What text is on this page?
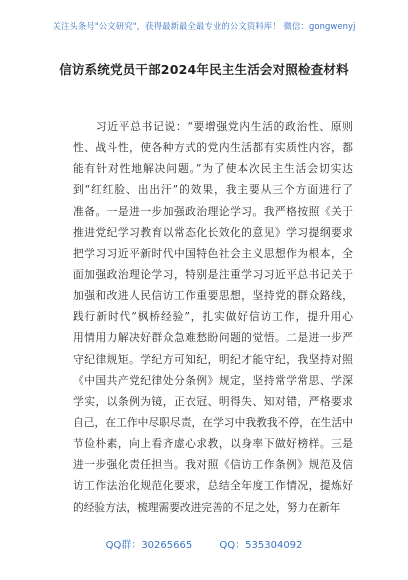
关注头条号"公文研究"，获得最新最全最专业的公文资料库！ 微信：gongwenyj
信访系统党员干部2024年民主生活会对照检查材料
　　习近平总书记说：“要增强党内生活的政治性、原则
性、战斗性，使各种方式的党内生活都有实质性内容，都
能有针对性地解决问题。”为了使本次民主生活会切实达
到“红红脸、出出汗”的效果，我主要从三个方面进行了
准备。一是进一步加强政治理论学习。我严格按照《关于
推进党纪学习教育以常态化长效化的意见》学习提纲要求
把学习习近平新时代中国特色社会主义思想作为根本，全
面加强政治理论学习，特别是注重学习习近平总书记关于
加强和改进人民信访工作重要思想，坚持党的群众路线，
践行新时代“枫桥经验”，扎实做好信访工作，提升用心
用情用力解决好群众急难愁盼问题的觉悟。二是进一步严
守纪律规矩。学纪方可知纪，明纪才能守纪，我坚持对照
《中国共产党纪律处分条例》规定，坚持常学常思、学深
学实，以条例为镜，正衣冠、明得失、知对错，严格要求
自己，在工作中尽职尽责，在学习中我教我不停，在生活中
节俭朴素，向上看齐虚心求教，以身率下做好榜样。三是
进一步强化责任担当。我对照《信访工作条例》规范及信
访工作法治化规范化要求，总结全年度工作情况，提炼好
的经验方法，梳理需要改进完善的不足之处，努力在新年
QQ群：30265665	QQ：535304092
